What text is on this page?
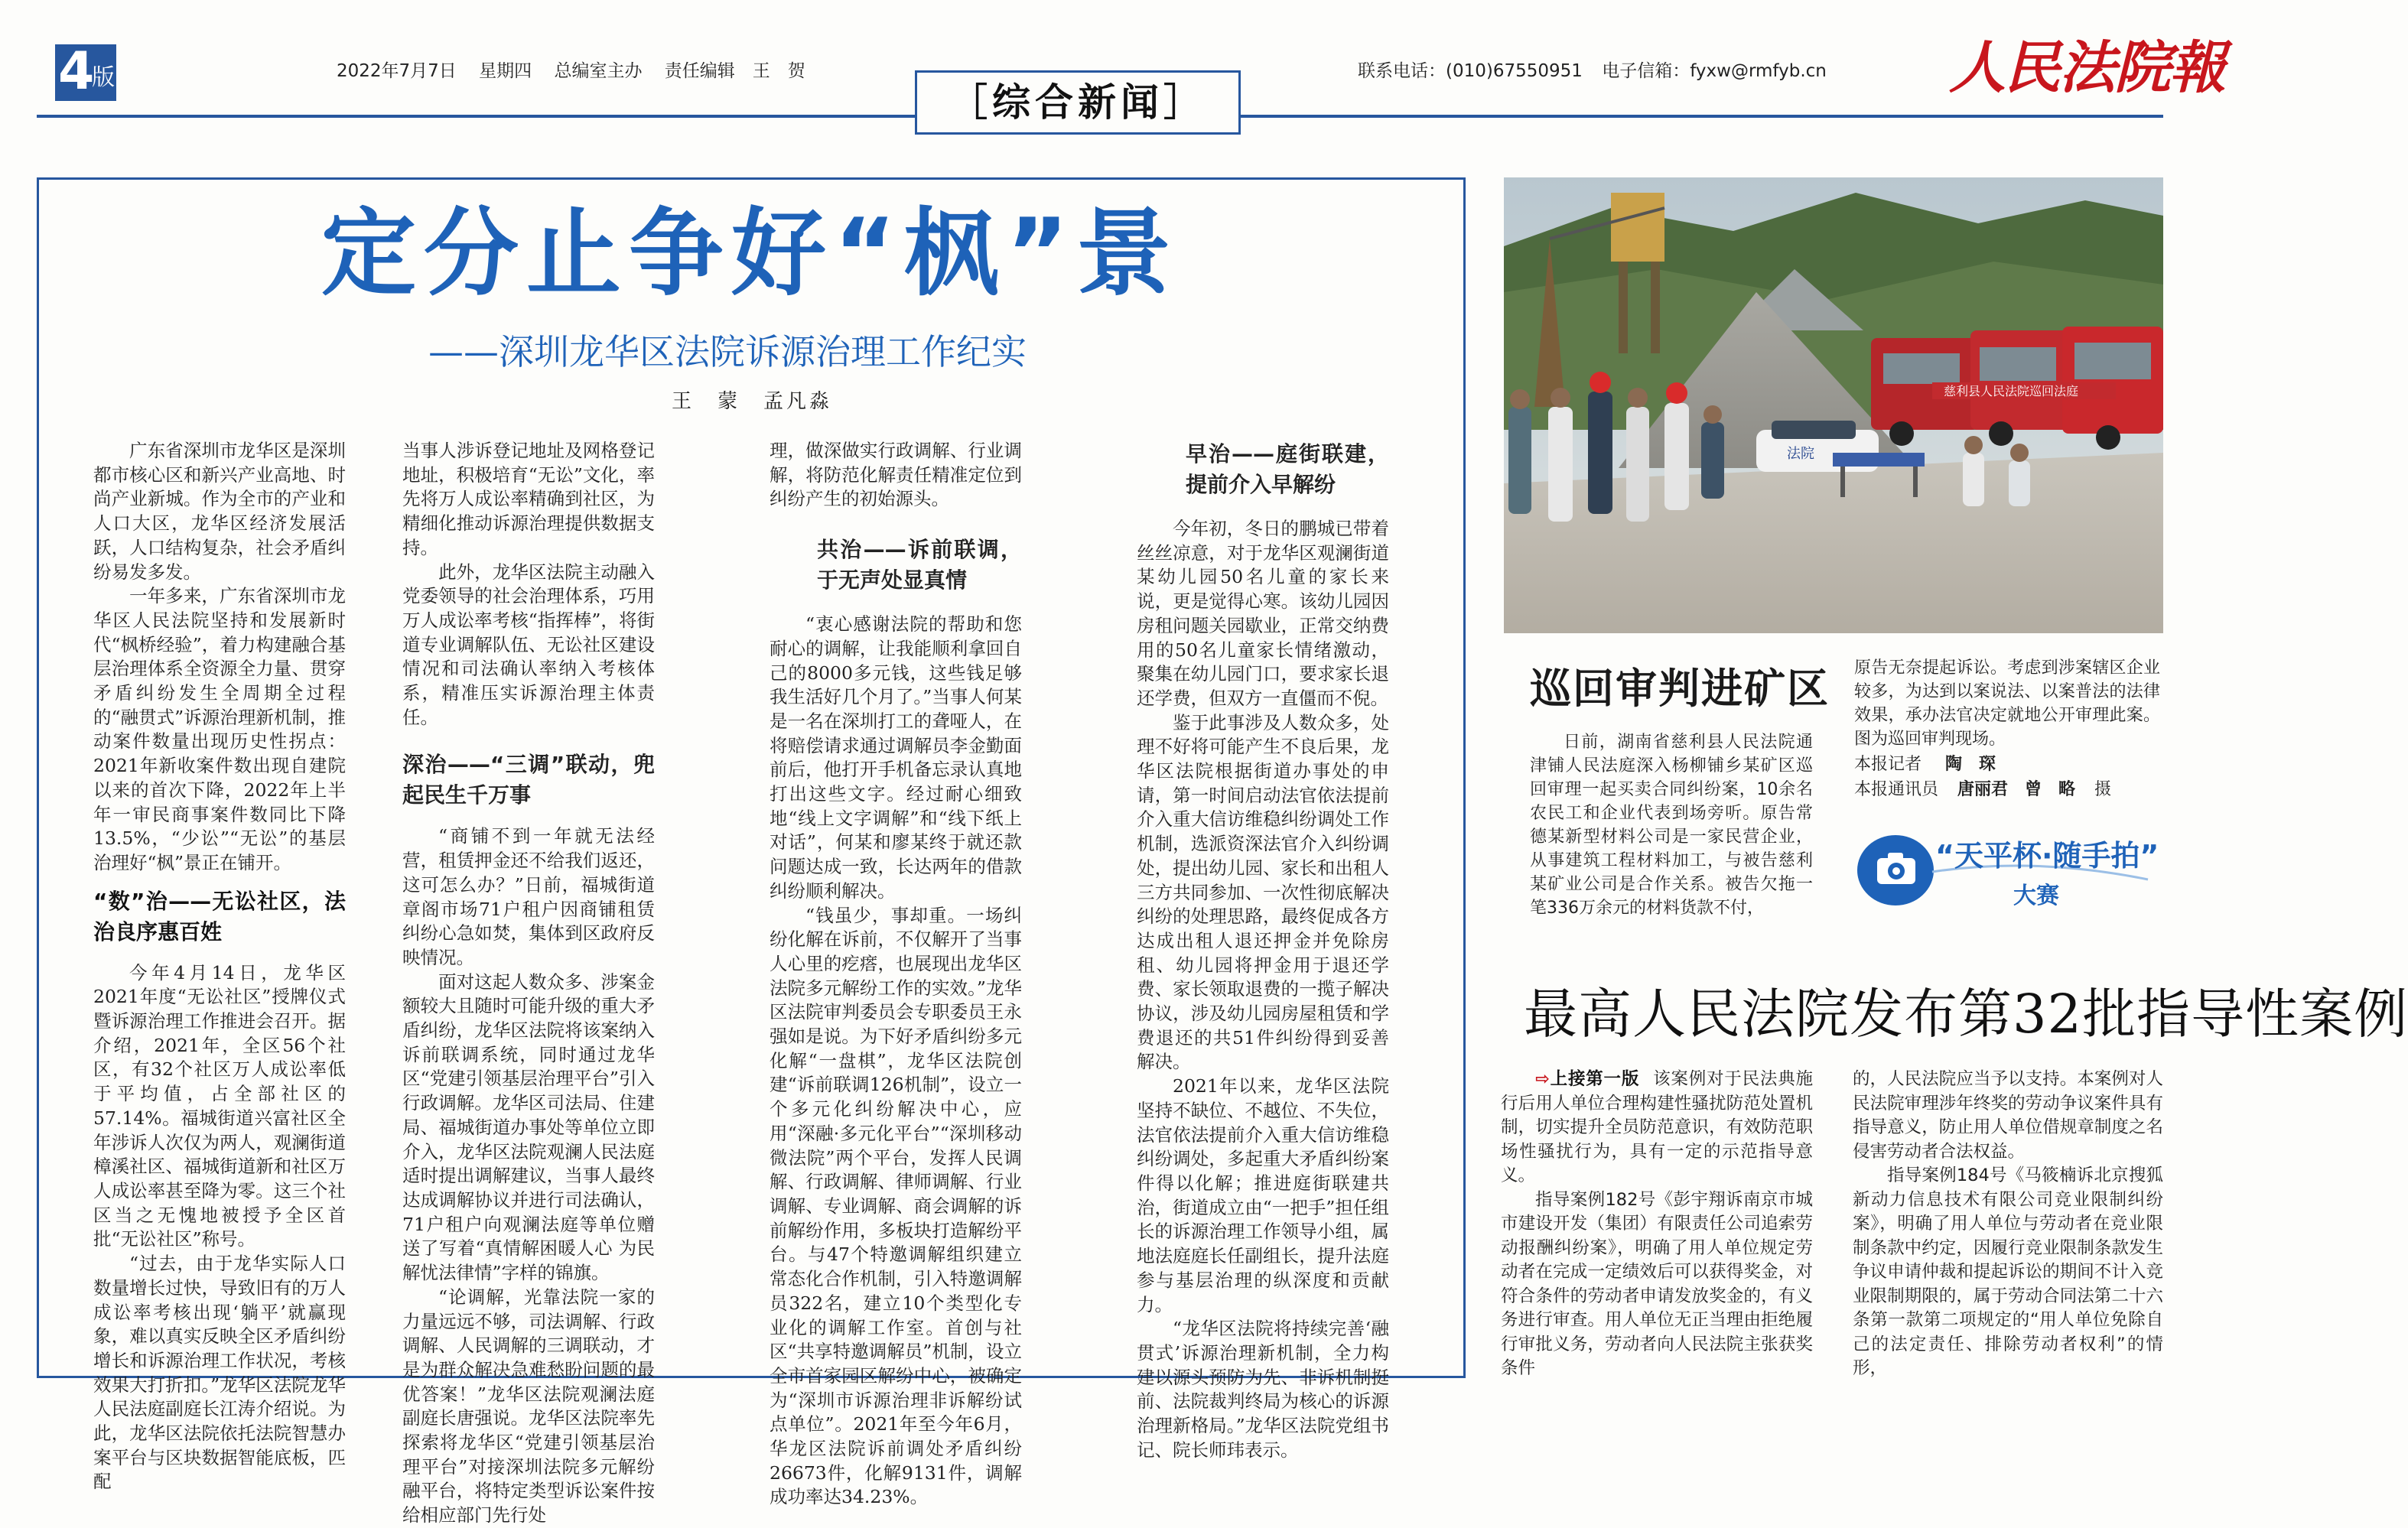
4
版	2022年7月7日 星期四 总编室主办 责任编辑　王　贺	联系电话：(010)67550951 电子信箱：fyxw@rmfyb.cn
［综合新闻］
人民法院報
定分止争好“枫”景
——深圳龙华区法院诉源治理工作纪实
王　蒙　孟凡淼

广东省深圳市龙华区是深圳都市核心区和新兴产业高地、时尚产业新城。作为全市的产业和人口大区，龙华区经济发展活跃，人口结构复杂，社会矛盾纠纷易发多发。

一年多来，广东省深圳市龙华区人民法院坚持和发展新时代“枫桥经验”，着力构建融合基层治理体系全资源全力量、贯穿矛盾纠纷发生全周期全过程的“融贯式”诉源治理新机制，推动案件数量出现历史性拐点：2021年新收案件数出现自建院以来的首次下降，2022年上半年一审民商事案件数同比下降13.5%，“少讼”“无讼”的基层治理好“枫”景正在铺开。

“数”治——无讼社区，法治良序惠百姓

今年4月14日，龙华区2021年度“无讼社区”授牌仪式暨诉源治理工作推进会召开。据介绍，2021年，全区56个社区，有32个社区万人成讼率低于平均值，占全部社区的57.14%。福城街道兴富社区全年涉诉人次仅为两人，观澜街道樟溪社区、福城街道新和社区万人成讼率甚至降为零。这三个社区当之无愧地被授予全区首批“无讼社区”称号。

“过去，由于龙华实际人口数量增长过快，导致旧有的万人成讼率考核出现‘躺平’就赢现象，难以真实反映全区矛盾纠纷增长和诉源治理工作状况，考核效果大打折扣。”龙华区法院龙华人民法庭副庭长江涛介绍说。为此，龙华区法院依托法院智慧办案平台与区块数据智能底板，匹配

当事人涉诉登记地址及网格登记地址，积极培育“无讼”文化，率先将万人成讼率精确到社区，为精细化推动诉源治理提供数据支持。

此外，龙华区法院主动融入党委领导的社会治理体系，巧用万人成讼率考核“指挥棒”，将街道专业调解队伍、无讼社区建设情况和司法确认率纳入考核体系，精准压实诉源治理主体责任。

深治——“三调”联动，兜起民生千万事

“商铺不到一年就无法经营，租赁押金还不给我们返还，这可怎么办？”日前，福城街道章阁市场71户租户因商铺租赁纠纷心急如焚，集体到区政府反映情况。

面对这起人数众多、涉案金额较大且随时可能升级的重大矛盾纠纷，龙华区法院将该案纳入诉前联调系统，同时通过龙华区“党建引领基层治理平台”引入行政调解。龙华区司法局、住建局、福城街道办事处等单位立即介入，龙华区法院观澜人民法庭适时提出调解建议，当事人最终达成调解协议并进行司法确认，71户租户向观澜法庭等单位赠送了写着“真情解困暖人心 为民解忧法律情”字样的锦旗。

“论调解，光靠法院一家的力量远远不够，司法调解、行政调解、人民调解的三调联动，才是为群众解决急难愁盼问题的最优答案！”龙华区法院观澜法庭副庭长唐强说。龙华区法院率先探索将龙华区“党建引领基层治理平台”对接深圳法院多元解纷融平台，将特定类型诉讼案件按给相应部门先行处

理，做深做实行政调解、行业调解，将防范化解责任精准定位到纠纷产生的初始源头。

共治——诉前联调，于无声处显真情

“衷心感谢法院的帮助和您耐心的调解，让我能顺利拿回自己的8000多元钱，这些钱足够我生活好几个月了。”当事人何某是一名在深圳打工的聋哑人，在将赔偿请求通过调解员李金勤面前后，他打开手机备忘录认真地打出这些文字。经过耐心细致地“线上文字调解”和“线下纸上对话”，何某和廖某终于就还款问题达成一致，长达两年的借款纠纷顺利解决。

“钱虽少，事却重。一场纠纷化解在诉前，不仅解开了当事人心里的疙瘩，也展现出龙华区法院多元解纷工作的实效。”龙华区法院审判委员会专职委员王永强如是说。为下好矛盾纠纷多元化解“一盘棋”，龙华区法院创建“诉前联调126机制”，设立一个多元化纠纷解决中心，应用“深融·多元化平台”“深圳移动微法院”两个平台，发挥人民调解、行政调解、律师调解、行业调解、专业调解、商会调解的诉前解纷作用，多板块打造解纷平台。与47个特邀调解组织建立常态化合作机制，引入特邀调解员322名，建立10个类型化专业化的调解工作室。首创与社区“共享特邀调解员”机制，设立全市首家园区解纷中心，被确定为“深圳市诉源治理非诉解纷试点单位”。2021年至今年6月，华龙区法院诉前调处矛盾纠纷26673件，化解9131件，调解成功率达34.23%。

早治——庭街联建，提前介入早解纷

今年初，冬日的鹏城已带着丝丝凉意，对于龙华区观澜街道某幼儿园50名儿童的家长来说，更是觉得心寒。该幼儿园因房租问题关园歇业，正常交纳费用的50名儿童家长情绪激动，聚集在幼儿园门口，要求家长退还学费，但双方一直僵而不倪。

鉴于此事涉及人数众多，处理不好将可能产生不良后果，龙华区法院根据街道办事处的申请，第一时间启动法官依法提前介入重大信访维稳纠纷调处工作机制，选派资深法官介入纠纷调处，提出幼儿园、家长和出租人三方共同参加、一次性彻底解决纠纷的处理思路，最终促成各方达成出租人退还押金并免除房租、幼儿园将押金用于退还学费、家长领取退费的一揽子解决协议，涉及幼儿园房屋租赁和学费退还的共51件纠纷得到妥善解决。

2021年以来，龙华区法院坚持不缺位、不越位、不失位，法官依法提前介入重大信访维稳纠纷调处，多起重大矛盾纠纷案件得以化解；推进庭街联建共治，街道成立由“一把手”担任组长的诉源治理工作领导小组，属地法庭庭长任副组长，提升法庭参与基层治理的纵深度和贡献力。

“龙华区法院将持续完善‘融贯式’诉源治理新机制，全力构建以源头预防为先、非诉机制挺前、法院裁判终局为核心的诉源治理新格局。”龙华区法院党组书记、院长师玮表示。

慈利县人民法院巡回法庭
法院
巡回审判进矿区

日前，湖南省慈利县人民法院通津铺人民法庭深入杨柳铺乡某矿区巡回审理一起买卖合同纠纷案，10余名农民工和企业代表到场旁听。原告常德某新型材料公司是一家民营企业，从事建筑工程材料加工，与被告慈利某矿业公司是合作关系。被告欠拖一笔336万余元的材料货款不付，

原告无奈提起诉讼。考虑到涉案辖区企业较多，为达到以案说法、以案普法的法律效果，承办法官决定就地公开审理此案。图为巡回审判现场。

本报记者 陶　琛

本报通讯员 唐丽君　曾　略 摄

“天平杯·随手拍”
大赛
最高人民法院发布第32批指导性案例

⇨上接第一版 该案例对于民法典施行后用人单位合理构建性骚扰防范处置机制，切实提升全员防范意识，有效防范职场性骚扰行为，具有一定的示范指导意义。

指导案例182号《彭宇翔诉南京市城市建设开发（集团）有限责任公司追索劳动报酬纠纷案》，明确了用人单位规定劳动者在完成一定绩效后可以获得奖金，对符合条件的劳动者申请发放奖金的，有义务进行审查。用人单位无正当理由拒绝履行审批义务，劳动者向人民法院主张获奖条件

的，人民法院应当予以支持。本案例对人民法院审理涉年终奖的劳动争议案件具有指导意义，防止用人单位借规章制度之名侵害劳动者合法权益。

指导案例184号《马筱楠诉北京搜狐新动力信息技术有限公司竞业限制纠纷案》，明确了用人单位与劳动者在竞业限制条款中约定，因履行竞业限制条款发生争议申请仲裁和提起诉讼的期间不计入竞业限制期限的，属于劳动合同法第二十六条第一款第二项规定的“用人单位免除自己的法定责任、排除劳动者权利”的情形，
